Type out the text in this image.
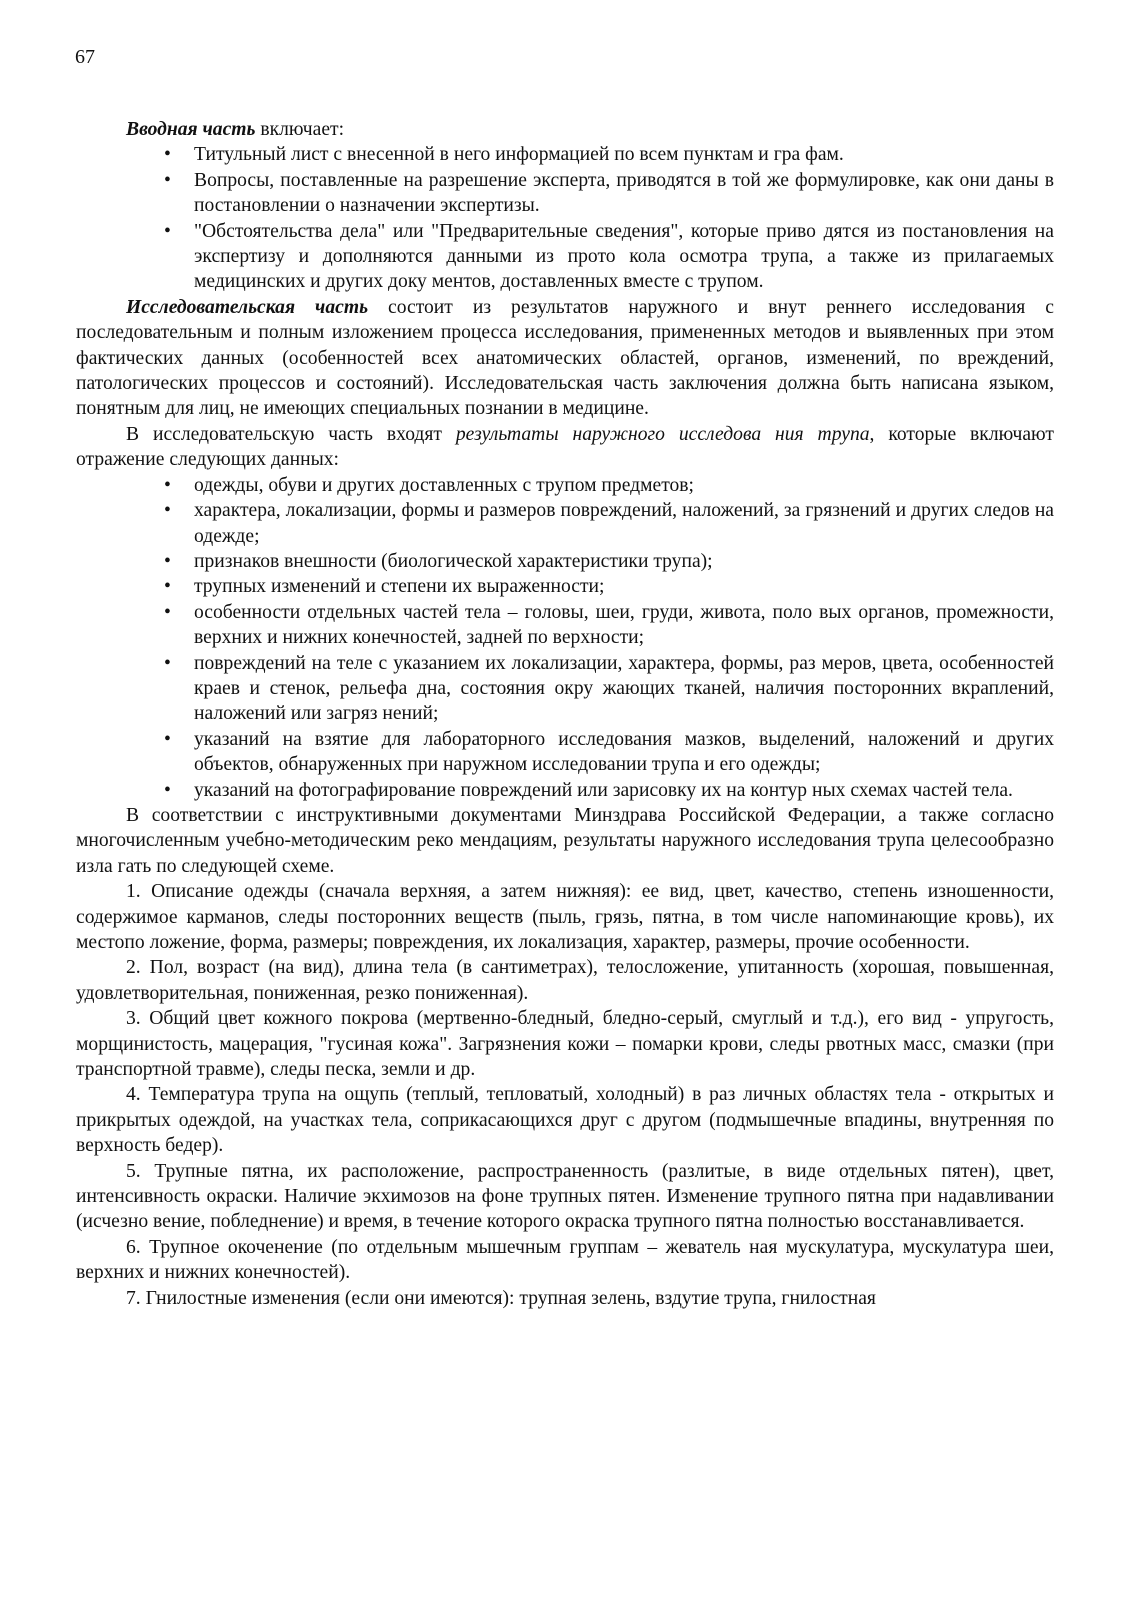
67

Вводная часть включает:

• Титульный лист с внесенной в него информацией по всем пунктам и гра фам.
• Вопросы, поставленные на разрешение эксперта, приводятся в той же формулировке, как они даны в постановлении о назначении экспертизы.
• "Обстоятельства дела" или "Предварительные сведения", которые приво дятся из постановления на экспертизу и дополняются данными из прото кола осмотра трупа, а также из прилагаемых медицинских и других доку ментов, доставленных вместе с трупом.

Исследовательская часть состоит из результатов наружного и внут реннего исследования с последовательным и полным изложением процесса исследования, примененных методов и выявленных при этом фактических данных (особенностей всех анатомических областей, органов, изменений, по вреждений, патологических процессов и состояний). Исследовательская часть заключения должна быть написана языком, понятным для лиц, не имеющих специальных познании в медицине.

В исследовательскую часть входят результаты наружного исследова ния трупа, которые включают отражение следующих данных:

• одежды, обуви и других доставленных с трупом предметов;
• характера, локализации, формы и размеров повреждений, наложений, за грязнений и других следов на одежде;
• признаков внешности (биологической характеристики трупа);
• трупных изменений и степени их выраженности;
• особенности отдельных частей тела – головы, шеи, груди, живота, поло вых органов, промежности, верхних и нижних конечностей, задней по верхности;
• повреждений на теле с указанием их локализации, характера, формы, раз меров, цвета, особенностей краев и стенок, рельефа дна, состояния окру жающих тканей, наличия посторонних вкраплений, наложений или загряз нений;
• указаний на взятие для лабораторного исследования мазков, выделений, наложений и других объектов, обнаруженных при наружном исследовании трупа и его одежды;
• указаний на фотографирование повреждений или зарисовку их на контур ных схемах частей тела.

В соответствии с инструктивными документами Минздрава Российской Федерации, а также согласно многочисленным учебно-методическим реко мендациям, результаты наружного исследования трупа целесообразно изла гать по следующей схеме.

1. Описание одежды (сначала верхняя, а затем нижняя): ее вид, цвет, качество, степень изношенности, содержимое карманов, следы посторонних веществ (пыль, грязь, пятна, в том числе напоминающие кровь), их местопо ложение, форма, размеры; повреждения, их локализация, характер, размеры, прочие особенности.

2. Пол, возраст (на вид), длина тела (в сантиметрах), телосложение, упитанность (хорошая, повышенная, удовлетворительная, пониженная, резко пониженная).

3. Общий цвет кожного покрова (мертвенно-бледный, бледно-серый, смуглый и т.д.), его вид - упругость, морщинистость, мацерация, "гусиная кожа". Загрязнения кожи – помарки крови, следы рвотных масс, смазки (при транспортной травме), следы песка, земли и др.

4. Температура трупа на ощупь (теплый, тепловатый, холодный) в раз личных областях тела - открытых и прикрытых одеждой, на участках тела, соприкасающихся друг с другом (подмышечные впадины, внутренняя по верхность бедер).

5. Трупные пятна, их расположение, распространенность (разлитые, в виде отдельных пятен), цвет, интенсивность окраски. Наличие экхимозов на фоне трупных пятен. Изменение трупного пятна при надавливании (исчезно вение, побледнение) и время, в течение которого окраска трупного пятна полностью восстанавливается.

6. Трупное окоченение (по отдельным мышечным группам – жеватель ная мускулатура, мускулатура шеи, верхних и нижних конечностей).

7. Гнилостные изменения (если они имеются): трупная зелень, вздутие трупа, гнилостная
